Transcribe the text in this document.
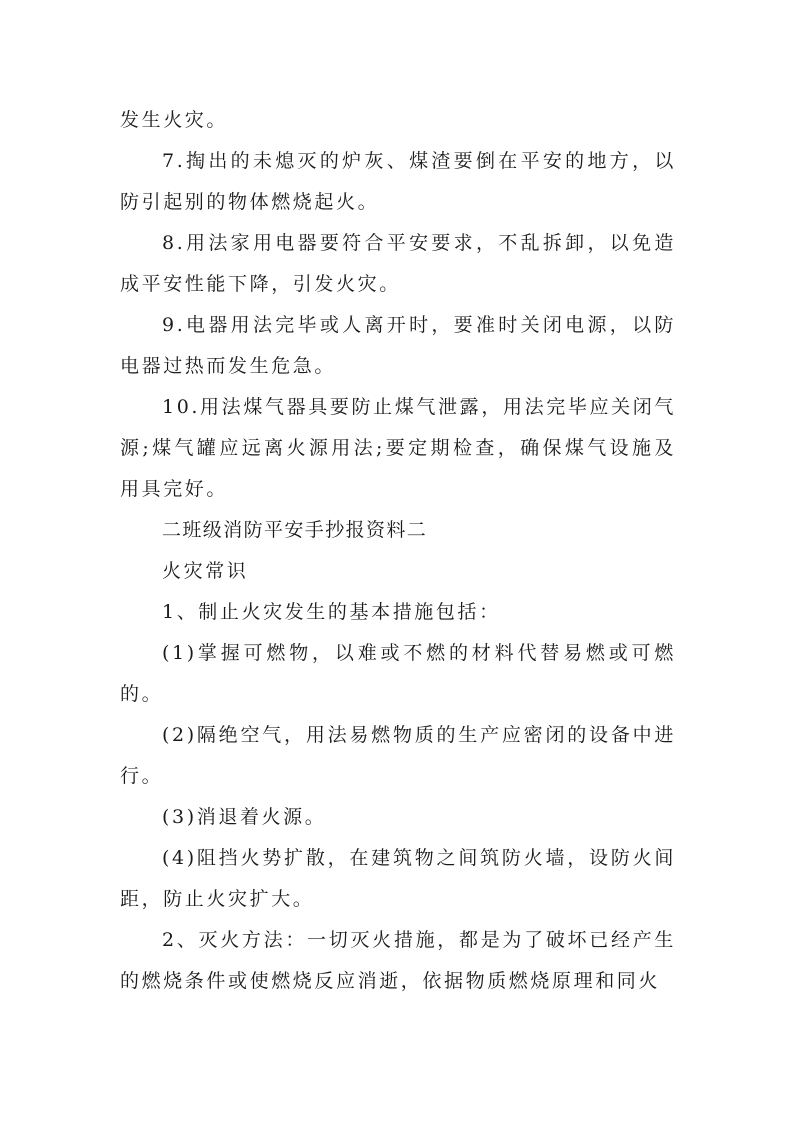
发生火灾。

7.掏出的未熄灭的炉灰、煤渣要倒在平安的地方，以防引起别的物体燃烧起火。

8.用法家用电器要符合平安要求，不乱拆卸，以免造成平安性能下降，引发火灾。

9.电器用法完毕或人离开时，要准时关闭电源，以防电器过热而发生危急。

10.用法煤气器具要防止煤气泄露，用法完毕应关闭气源;煤气罐应远离火源用法;要定期检查，确保煤气设施及用具完好。

二班级消防平安手抄报资料二

火灾常识

1、制止火灾发生的基本措施包括：

(1)掌握可燃物，以难或不燃的材料代替易燃或可燃的。

(2)隔绝空气，用法易燃物质的生产应密闭的设备中进行。

(3)消退着火源。

(4)阻挡火势扩散，在建筑物之间筑防火墙，设防火间距，防止火灾扩大。

2、灭火方法：一切灭火措施，都是为了破坏已经产生的燃烧条件或使燃烧反应消逝，依据物质燃烧原理和同火
